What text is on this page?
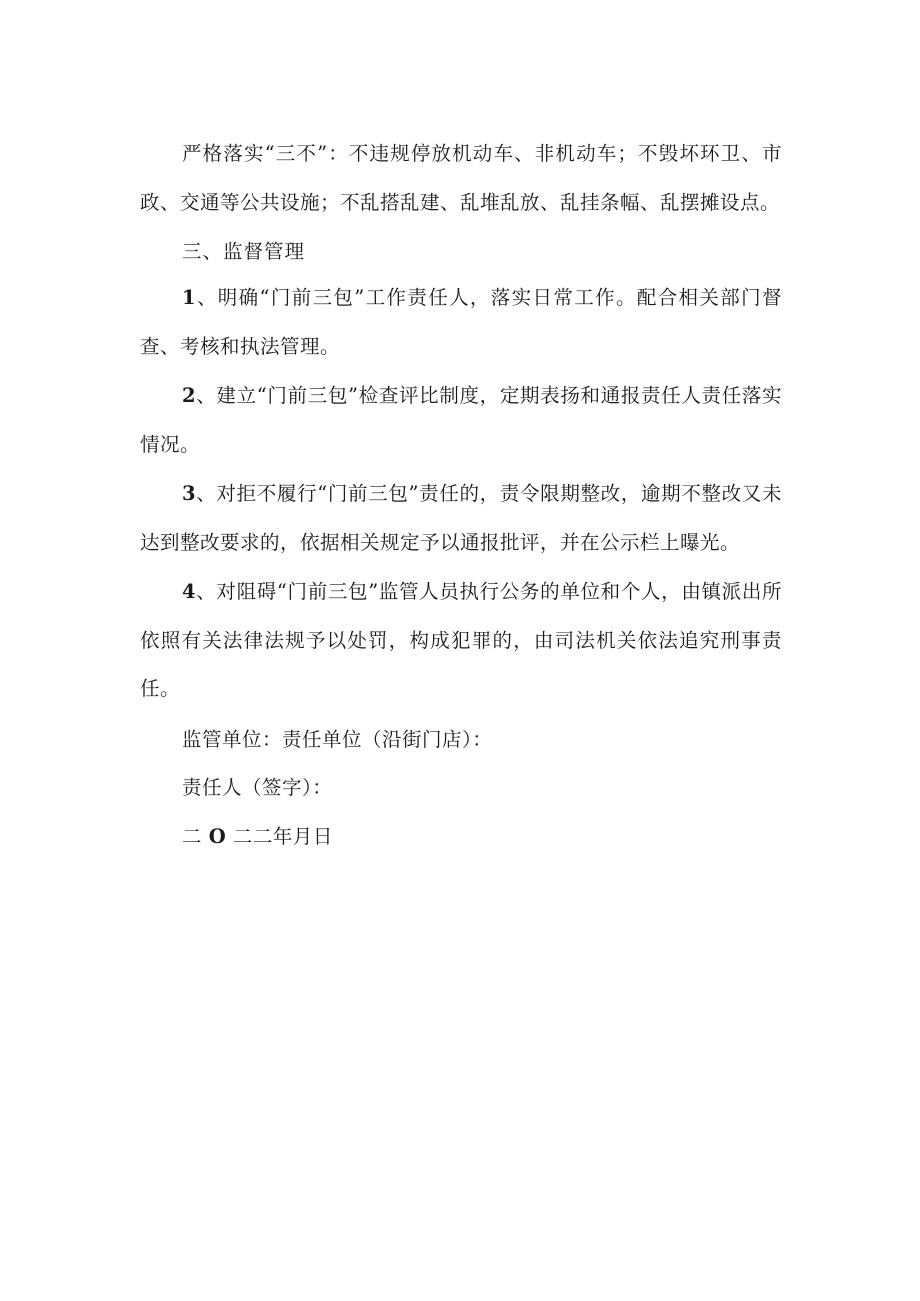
严格落实“三不”：不违规停放机动车、非机动车；不毁坏环卫、市政、交通等公共设施；不乱搭乱建、乱堆乱放、乱挂条幅、乱摆摊设点。

三、监督管理

1、明确“门前三包”工作责任人，落实日常工作。配合相关部门督查、考核和执法管理。

2、建立“门前三包”检查评比制度，定期表扬和通报责任人责任落实情况。

3、对拒不履行“门前三包”责任的，责令限期整改，逾期不整改又未达到整改要求的，依据相关规定予以通报批评，并在公示栏上曝光。

4、对阻碍“门前三包”监管人员执行公务的单位和个人，由镇派出所依照有关法律法规予以处罚，构成犯罪的，由司法机关依法追究刑事责任。

监管单位：责任单位（沿街门店）：

责任人（签字）：

二 O 二二年月日
